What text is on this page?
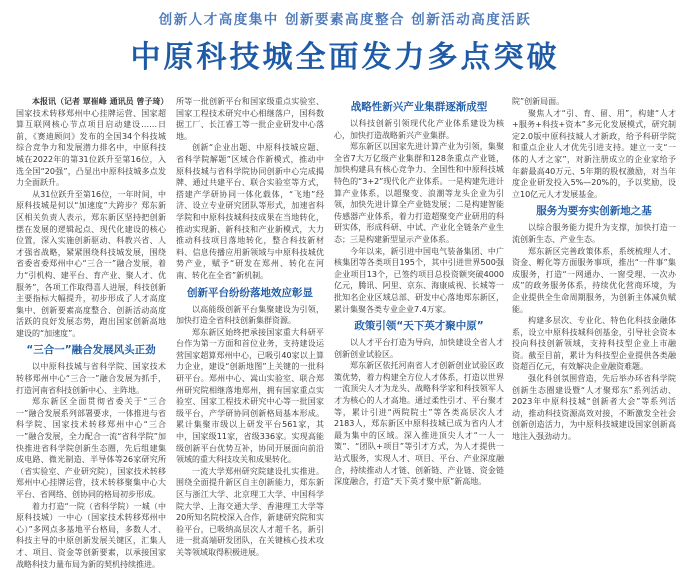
创新人才高度集中 创新要素高度整合 创新活动高度活跃
中原科技城全面发力多点突破

本报讯（记者 覃崔峰 通讯员 曾子琦）国家技术转移郑州中心挂牌运营、国家超算互联网核心节点项目启动建设……日前，《赛迪顾问》发布的全国34个科技城综合竞争力和发展潜力排名中，中原科技城在2022年的第31位跃升至第16位，入选全国“20强”，凸显出中原科技城多点发力全面跃升。

从31位跃升至第16位，一年时间，中原科技城是何以“加速度”大跨步？郑东新区相关负责人表示，郑东新区坚持把创新摆在发展的逻辑起点、现代化建设的核心位置，深入实施创新驱动、科教兴省、人才强省战略，紧紧围绕科技城发展，围绕省委省委郑州中心“三合一”融合发展，着力“引机构、建平台、育产业、聚人才、优服务”，各项工作取得喜人进展，科技创新主要指标大幅提升，初步形成了人才高度集中、创新要素高度整合、创新活动高度活跃的良好发展态势，跑出国家创新高地建设的“加速度”。

“三合一”融合发展风头正劲

以中原科技城与省科学院、国家技术转移郑州中心“三合一”融合发展为抓手，打造河南省科技创新中心、主阵地。

郑东新区全面贯彻省委关于“三合一”融合发展系列部署要求，一体推进与省科学院、国家技术转移郑州中心“三合一”融合发展，全力配合一流“省科学院”加快推进省科学院创新生态圈，先后组建集成电路、微光制造、半导体等26家研究所（省实验室、产业研究院），国家技术转移郑州中心挂牌运营，技术转移聚集中心大平台、省网络、创协同的格局初步形成。

着力打造“一院（省科学院）一城（中原科技城）一中心（国家技术转移郑州中心）”多网点多基地平台格局，多数人才、科技主导的中原创新发展关键区，汇集人才、项目、资金等创新要素，以承接国家战略科技力量布局为新的契机持续推进。

所等一批创新平台和国家级重点实验室、国家工程技术研究中心相继落户，国科数据工厂、长江睿工等一批企业研发中心落地。

创新“企业出题、中原科技城应题、省科学院解题”区域合作新模式，推动中原科技城与省科学院协同创新中心完成揭牌、通过共建平台、联合实验室等方式，搭建产学研协同一体化载体，“飞地”经济、设立专业研究团队等形式，加速省科学院和中原科技城科技成果在当地转化，推动实现新、新科技和产业新模式，大力推动科技项目落地转化，整合科技新材料、信息传播应用新领域与中原科技城优势产业，赋予“研发在郑州、转化在河南、转化在全省”新机制。

创新平台纷纷落地效应彰显

以高能级创新平台集聚建设为引领，加快打造全省科技创新集群资源。

郑东新区始终把承接国家重大科研平台作为第一方面和首位业务，支持建设运营国家超算郑州中心，已吸引40家以上算力企业，建设“创新地图”上关键的一批科研平台。郑州中心、嵩山实验室、联合郑州研究院相继落地郑州，拥有国家重点实验室、国家工程技术研究中心等一批国家级平台，产学研协同创新格局基本形成。累计集聚市级以上研发平台561家，其中，国家级11家，省级336家。实现高能级创新平台优势互补，协同开展面向前沿领域的重大科技攻关和成果转化。

一流大学郑州研究院建设扎实推进。围绕全面提升新区自主创新能力，郑东新区与浙江大学、北京理工大学、中国科学院大学、上海交通大学、香港理工大学等20所知名院校深入合作，新建研究院和实验平台，已吸纳高层次人才超千名，新引进一批高端研发团队，在关键核心技术攻关等领域取得积极进展。

战略性新兴产业集群逐渐成型

以科技创新引领现代化产业体系建设为核心，加快打造战略新兴产业集群。

郑东新区以国家先进计算产业为引领，集聚全省7大万亿级产业集群和128条重点产业链，加快构建具有核心竞争力、全国性和中原科技城特色的“3+2”现代化产业体系。一是构建先进计算产业体系，以超聚变、浪潮等龙头企业为引领，加快先进计算全产业链发展；二是构建智能传感器产业体系，着力打造超聚变产业研用的科研实体，形成科研、中试、产业化全链条产业生态；三是构建新型显示产业体系。

今年以来，新引进中国电气装备集团、中广核集团等各类项目195个，其中引进世界500强企业项目13个，已签约项目总投资额突破4000亿元，腾讯、阿里、京东、海康威视、长城等一批知名企业区域总部、研发中心落地郑东新区，累计集聚各类专业企业7.4万家。

政策引领“天下英才聚中原”

以人才平台打造为导向，加快建设全省人才创新创业试验区。

郑东新区依托河南省人才创新创业试验区政策优势，着力构建全方位人才体系，打造以世界一流顶尖人才为龙头、战略科学家和科技领军人才为核心的人才高地。通过柔性引才、平台聚才等，累计引进“两院院士”等各类高层次人才2183人，郑东新区中原科技城已成为省内人才最为集中的区域。深入推进顶尖人才“一人一策”、“团队+项目”等引才方式，为人才提供一站式服务，实现人才、项目、平台、产业深度融合，持续推动人才链、创新链、产业链、资金链深度融合，打造“天下英才聚中原”新高地。

院”创新局面。

聚焦人才“引、育、留、用”，构建“人才+服务+科技+资本”多元化发展模式，研究制定2.0版中原科技城人才新政，给予科研学院和重点企业人才优先引进支持。建立一支“一体的人才之家”，对新注册成立的企业家给予年薪最高40万元、5年期的股权激励，对当年度企业研发投入5%—20%的，予以奖励，设立10亿元人才发展基金。

服务为要夯实创新地之基

以综合服务能力提升为支撑，加快打造一流创新生态、产业生态。

郑东新区完善政策体系，系统梳理人才、资金、孵化等方面服务事项，推出“一件事”集成服务，打造“一网通办、一窗受理、一次办成”的政务服务体系，持续优化营商环境，为企业提供全生命周期服务，为创新主体减负赋能。

构建多层次、专业化、特色化科技金融体系，设立中原科技城科创基金，引导社会资本投向科技创新领域，支持科技型企业上市融资。截至目前，累计为科技型企业提供各类融资超百亿元，有效解决企业融资难题。

强化科创氛围营造，先后举办环省科学院创新生态圈建设暨“人才聚郑东”系列活动、2023年中原科技城“创新者大会”等系列活动，推动科技资源高效对接，不断激发全社会创新创造活力，为中原科技城建设国家创新高地注入强劲动力。
